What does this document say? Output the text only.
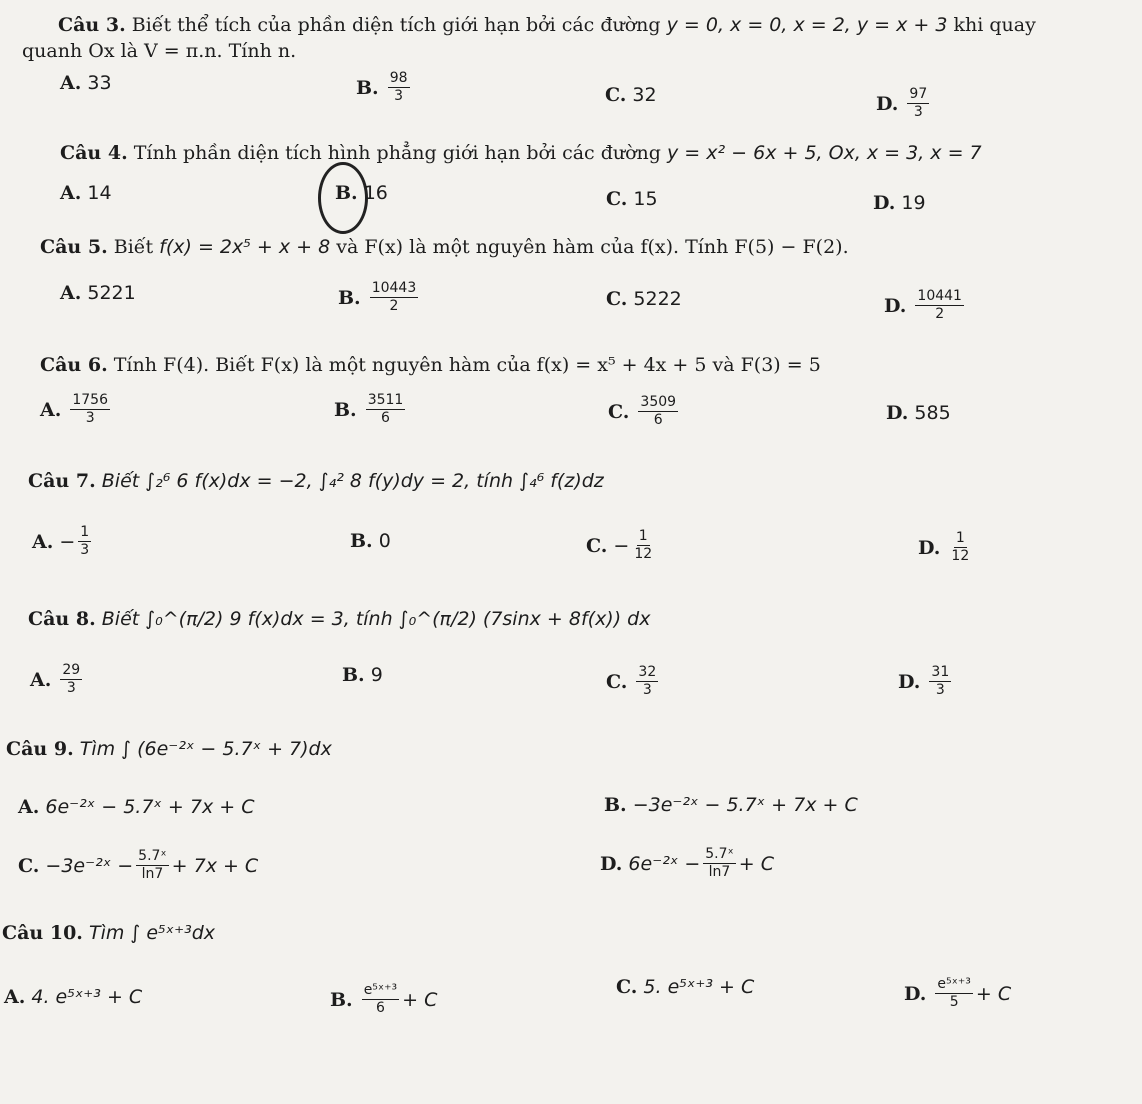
Câu 3. Biết thể tích của phần diện tích giới hạn bởi các đường y = 0, x = 0, x = 2, y = x + 3 khi quay
quanh Ox là V = π.n. Tính n.
A. 33	B. $\frac{98}{3}$	C. 32	D. $\frac{97}{3}$
Câu 4. Tính phần diện tích hình phẳng giới hạn bởi các đường y = x² − 6x + 5, Ox, x = 3, x = 7
A. 14	B. 16	C. 15	D. 19
Câu 5. Biết f(x) = 2x⁵ + x + 8 và F(x) là một nguyên hàm của f(x). Tính F(5) − F(2).
A. 5221	B. $\frac{10443}{2}$	C. 5222	D. $\frac{10441}{2}$
Câu 6. Tính F(4). Biết F(x) là một nguyên hàm của f(x) = x⁵ + 4x + 5 và F(3) = 5
A. $\frac{1756}{3}$	B. $\frac{3511}{6}$	C. $\frac{3509}{6}$	D. 585
Câu 7. Biết ∫₂⁶ 6 f(x)dx = −2, ∫₄² 8 f(y)dy = 2, tính ∫₄⁶ f(z)dz
A. − $\frac{1}{3}$	B. 0	C. − $\frac{1}{12}$	D. $\frac{1}{12}$
Câu 8. Biết ∫₀^(π/2) 9 f(x)dx = 3, tính ∫₀^(π/2) (7sinx + 8f(x)) dx
A. $\frac{29}{3}$	B. 9	C. $\frac{32}{3}$	D. $\frac{31}{3}$
Câu 9. Tìm ∫ (6e⁻²ˣ − 5.7ˣ + 7)dx
A. 6e⁻²ˣ − 5.7ˣ + 7x + C	B. −3e⁻²ˣ − 5.7ˣ + 7x + C
C. −3e⁻²ˣ − $\frac{\text{5.7ˣ}}{\ln 7} + 7x + C$	D. 6e⁻²ˣ − $\frac{\text{5.7ˣ}}{\ln 7} + C$
Câu 10. Tìm ∫ e⁵ˣ⁺³dx
A. 4. e⁵ˣ⁺³ + C	B. $\frac{\text{e⁵ˣ⁺³}}{6} + C$
C. 5. e⁵ˣ⁺³ + C	D. $\frac{\text{e⁵ˣ⁺³}}{5} + C$
